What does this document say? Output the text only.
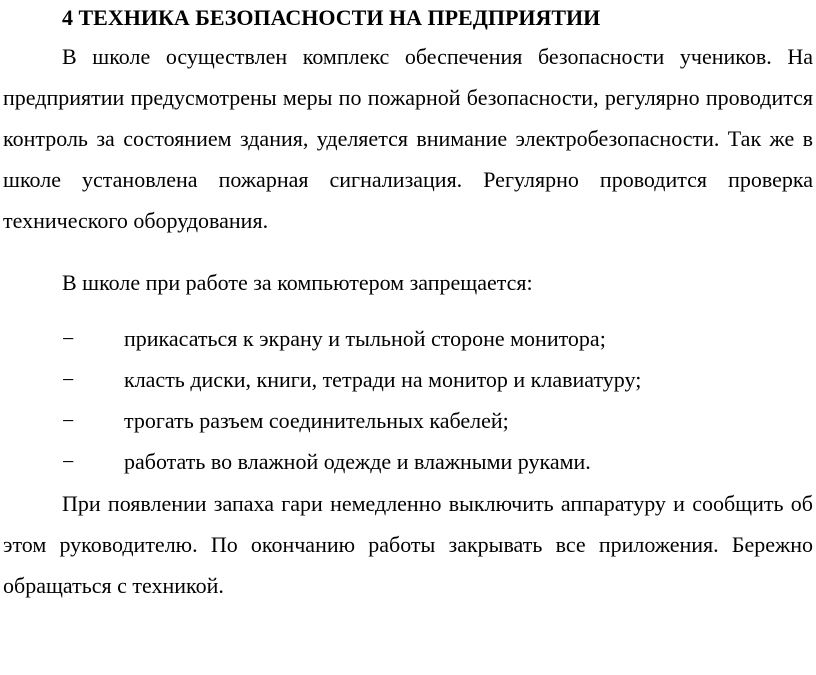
4 ТЕХНИКА БЕЗОПАСНОСТИ НА ПРЕДПРИЯТИИ

В школе осуществлен комплекс обеспечения безопасности учеников. На предприятии предусмотрены меры по пожарной безопасности, регулярно проводится контроль за состоянием здания, уделяется внимание электробезопасности. Так же в школе установлена пожарная сигнализация. Регулярно проводится проверка технического оборудования.

В школе при работе за компьютером запрещается:

− прикасаться к экрану и тыльной стороне монитора;
− класть диски, книги, тетради на монитор и клавиатуру;
− трогать разъем соединительных кабелей;
− работать во влажной одежде и влажными руками.

При появлении запаха гари немедленно выключить аппаратуру и сообщить об этом руководителю. По окончанию работы закрывать все приложения. Бережно обращаться с техникой.
